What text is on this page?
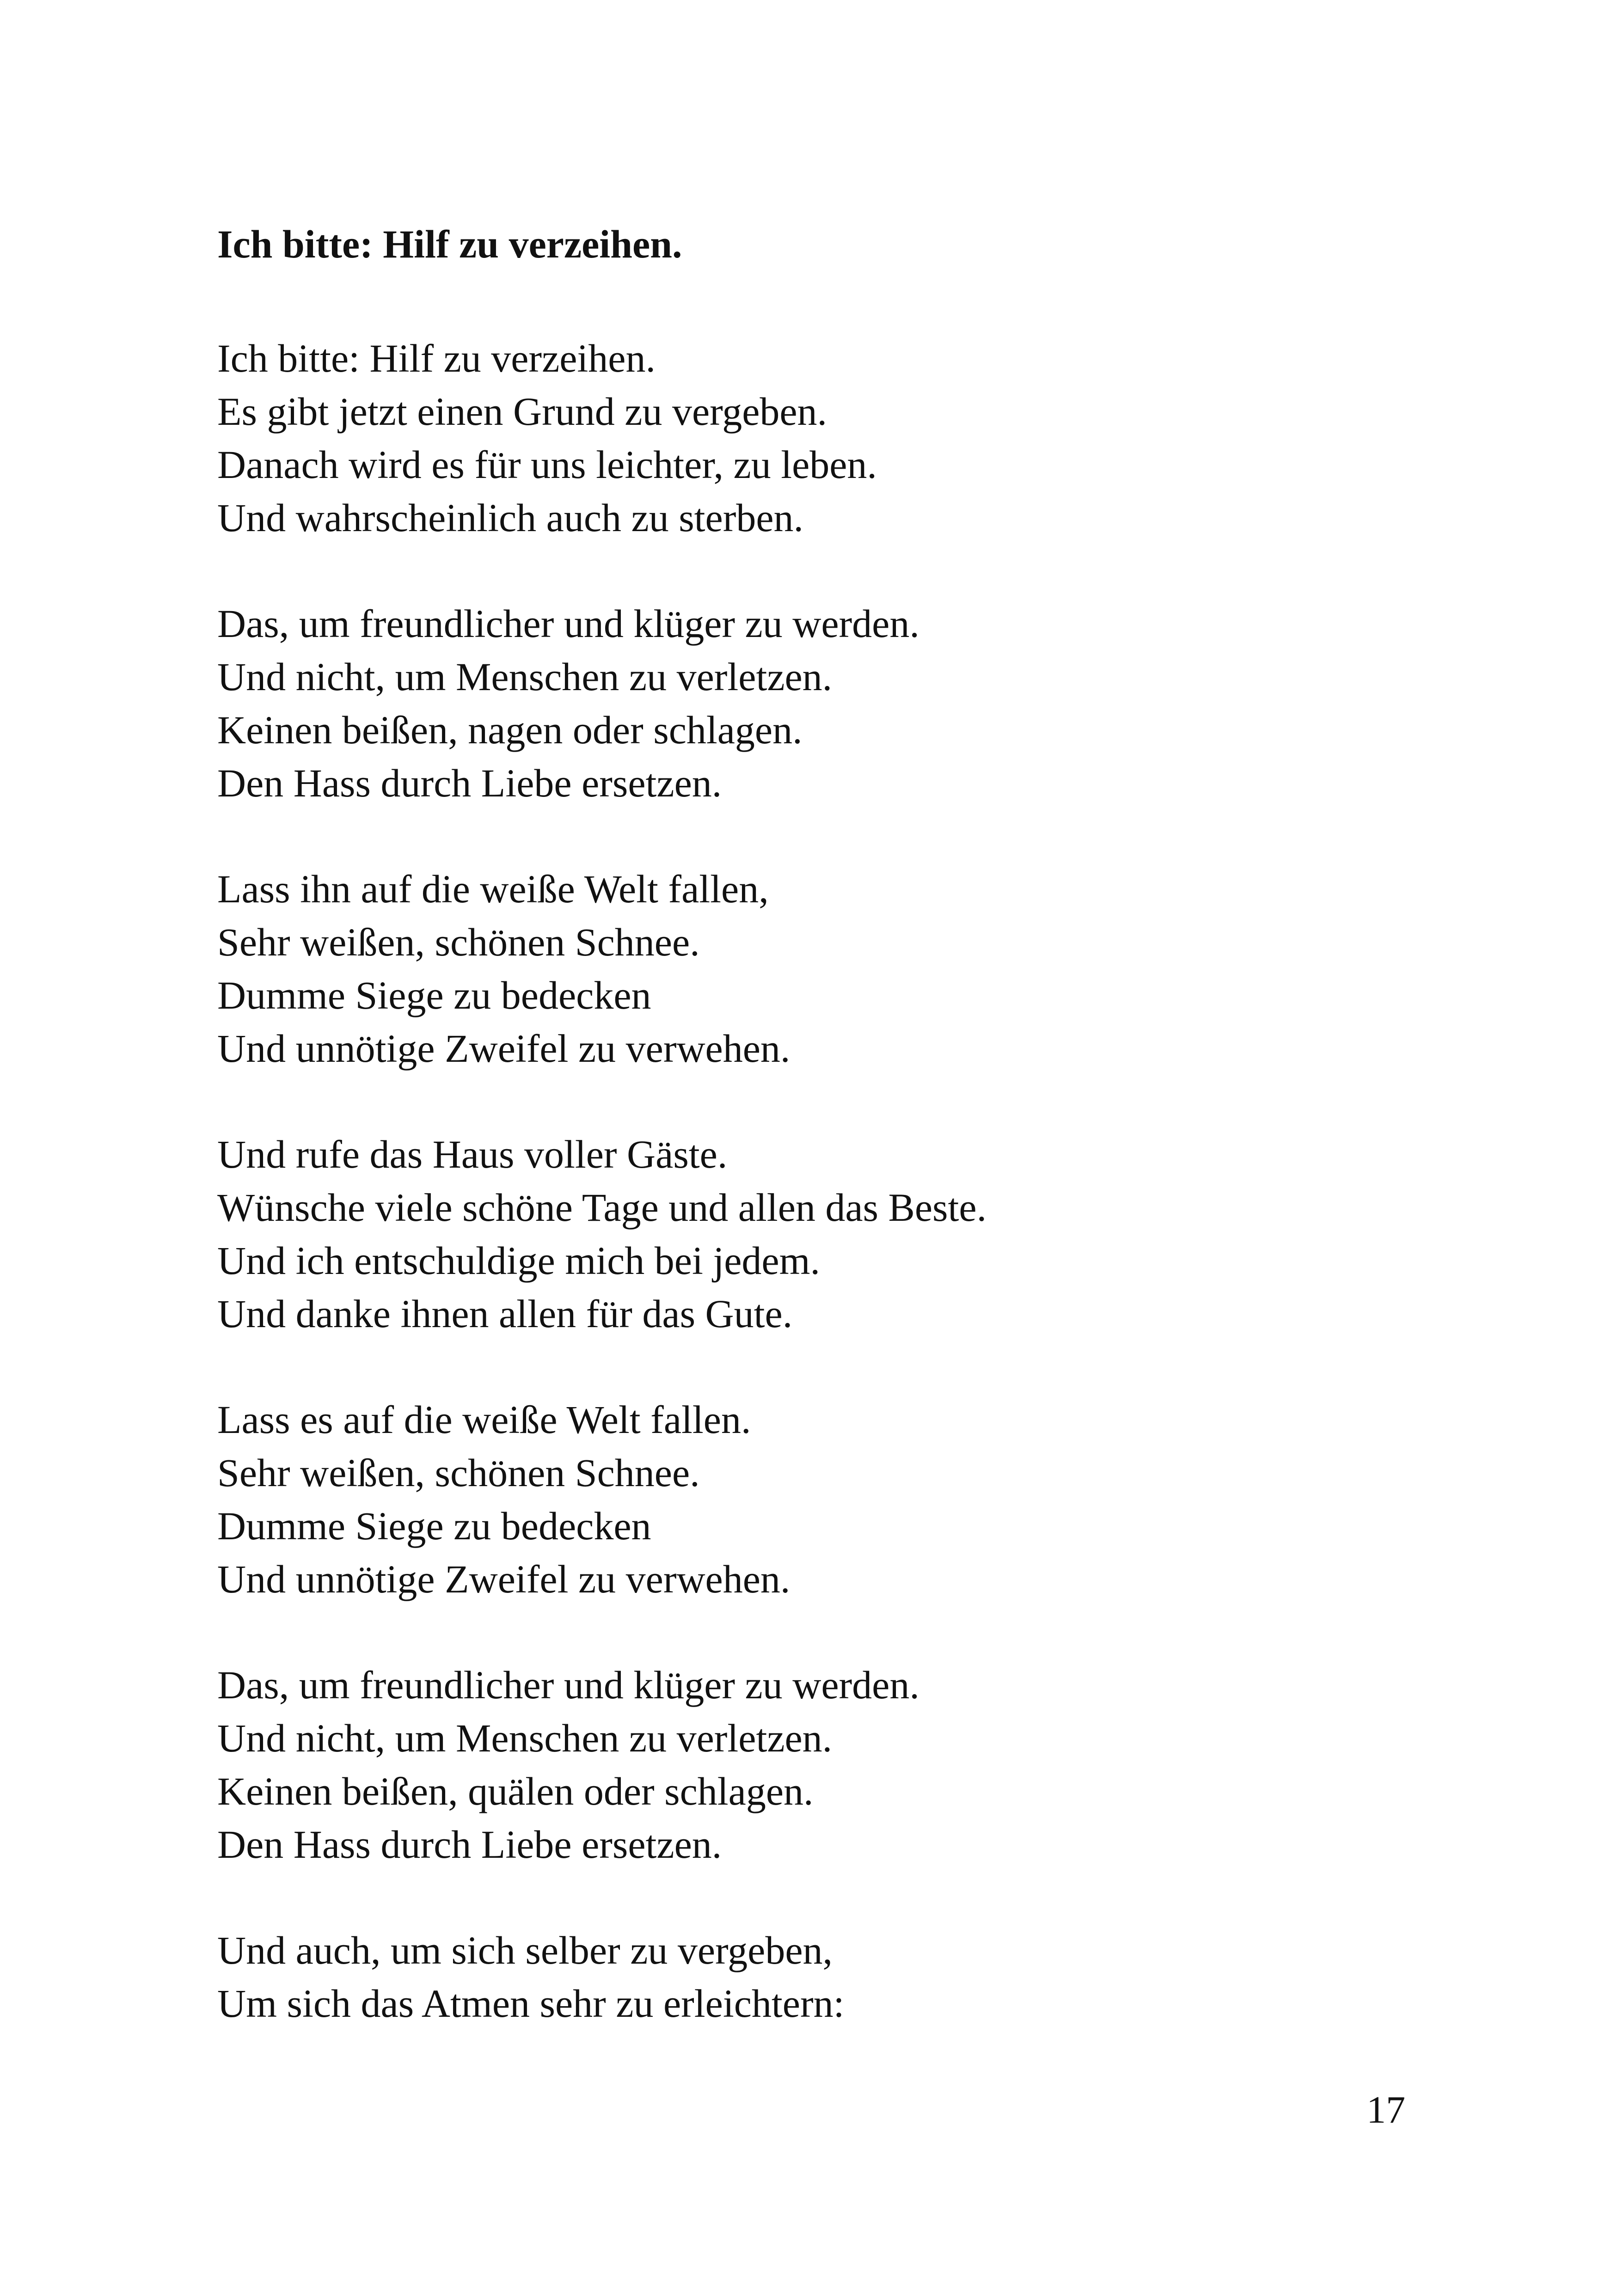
Ich bitte: Hilf zu verzeihen.
Ich bitte: Hilf zu verzeihen.
Es gibt jetzt einen Grund zu vergeben.
Danach wird es für uns leichter, zu leben.
Und wahrscheinlich auch zu sterben.
Das, um freundlicher und klüger zu werden.
Und nicht, um Menschen zu verletzen.
Keinen beißen, nagen oder schlagen.
Den Hass durch Liebe ersetzen.
Lass ihn auf die weiße Welt fallen,
Sehr weißen, schönen Schnee.
Dumme Siege zu bedecken
Und unnötige Zweifel zu verwehen.
Und rufe das Haus voller Gäste.
Wünsche viele schöne Tage und allen das Beste.
Und ich entschuldige mich bei jedem.
Und danke ihnen allen für das Gute.
Lass es auf die weiße Welt fallen.
Sehr weißen, schönen Schnee.
Dumme Siege zu bedecken
Und unnötige Zweifel zu verwehen.
Das, um freundlicher und klüger zu werden.
Und nicht, um Menschen zu verletzen.
Keinen beißen, quälen oder schlagen.
Den Hass durch Liebe ersetzen.
Und auch, um sich selber zu vergeben,
Um sich das Atmen sehr zu erleichtern:
17
